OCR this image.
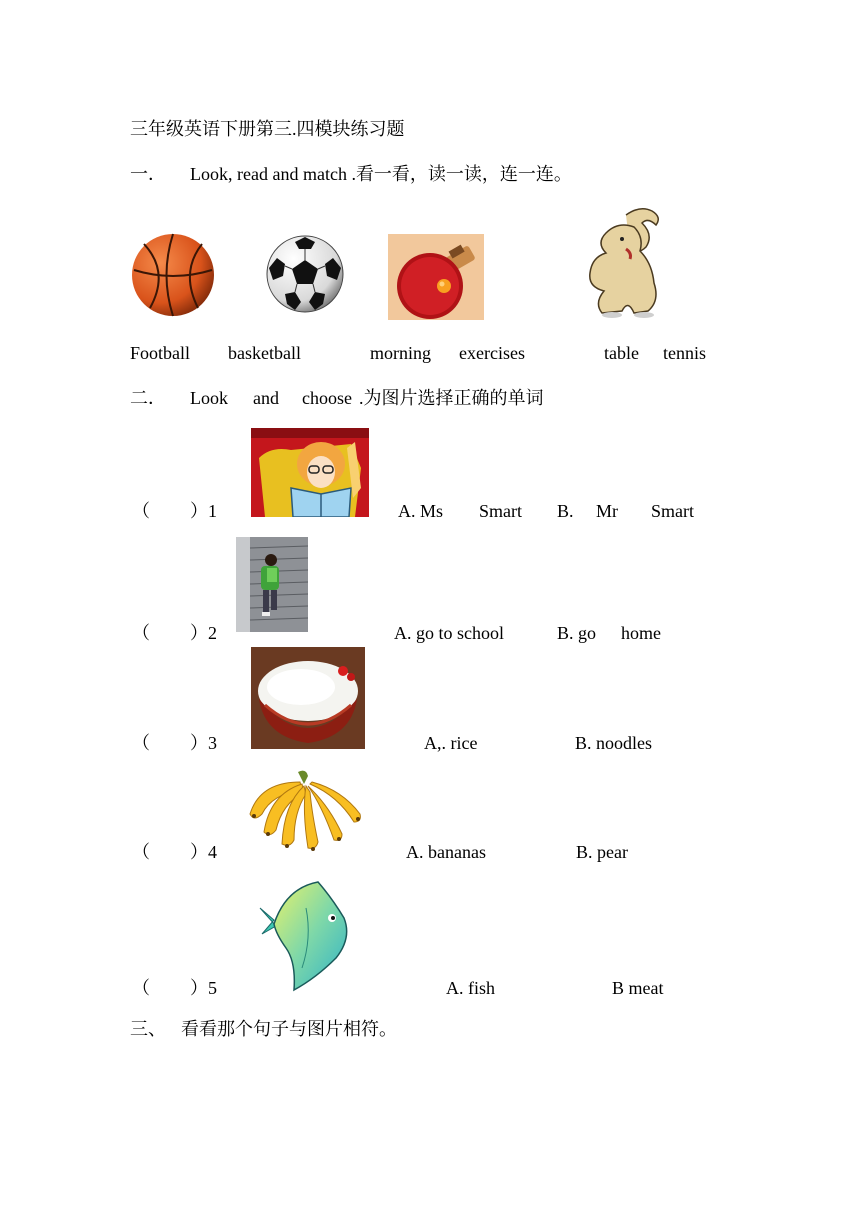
三年级英语下册第三.四模块练习题
一． Look, read and match .看一看，读一读，连一连。
Football basketball	morning exercises	table tennis
二． Look and choose .为图片选择正确的单词
（ ）1	A. Ms Smart B. Mr Smart
（ ）2	A. go to school	B. go home
（ ）3	A,. rice	B. noodles
（ ）4	A. bananas	B. pear
（ ）5	A. fish	B meat
三、 看看那个句子与图片相符。
